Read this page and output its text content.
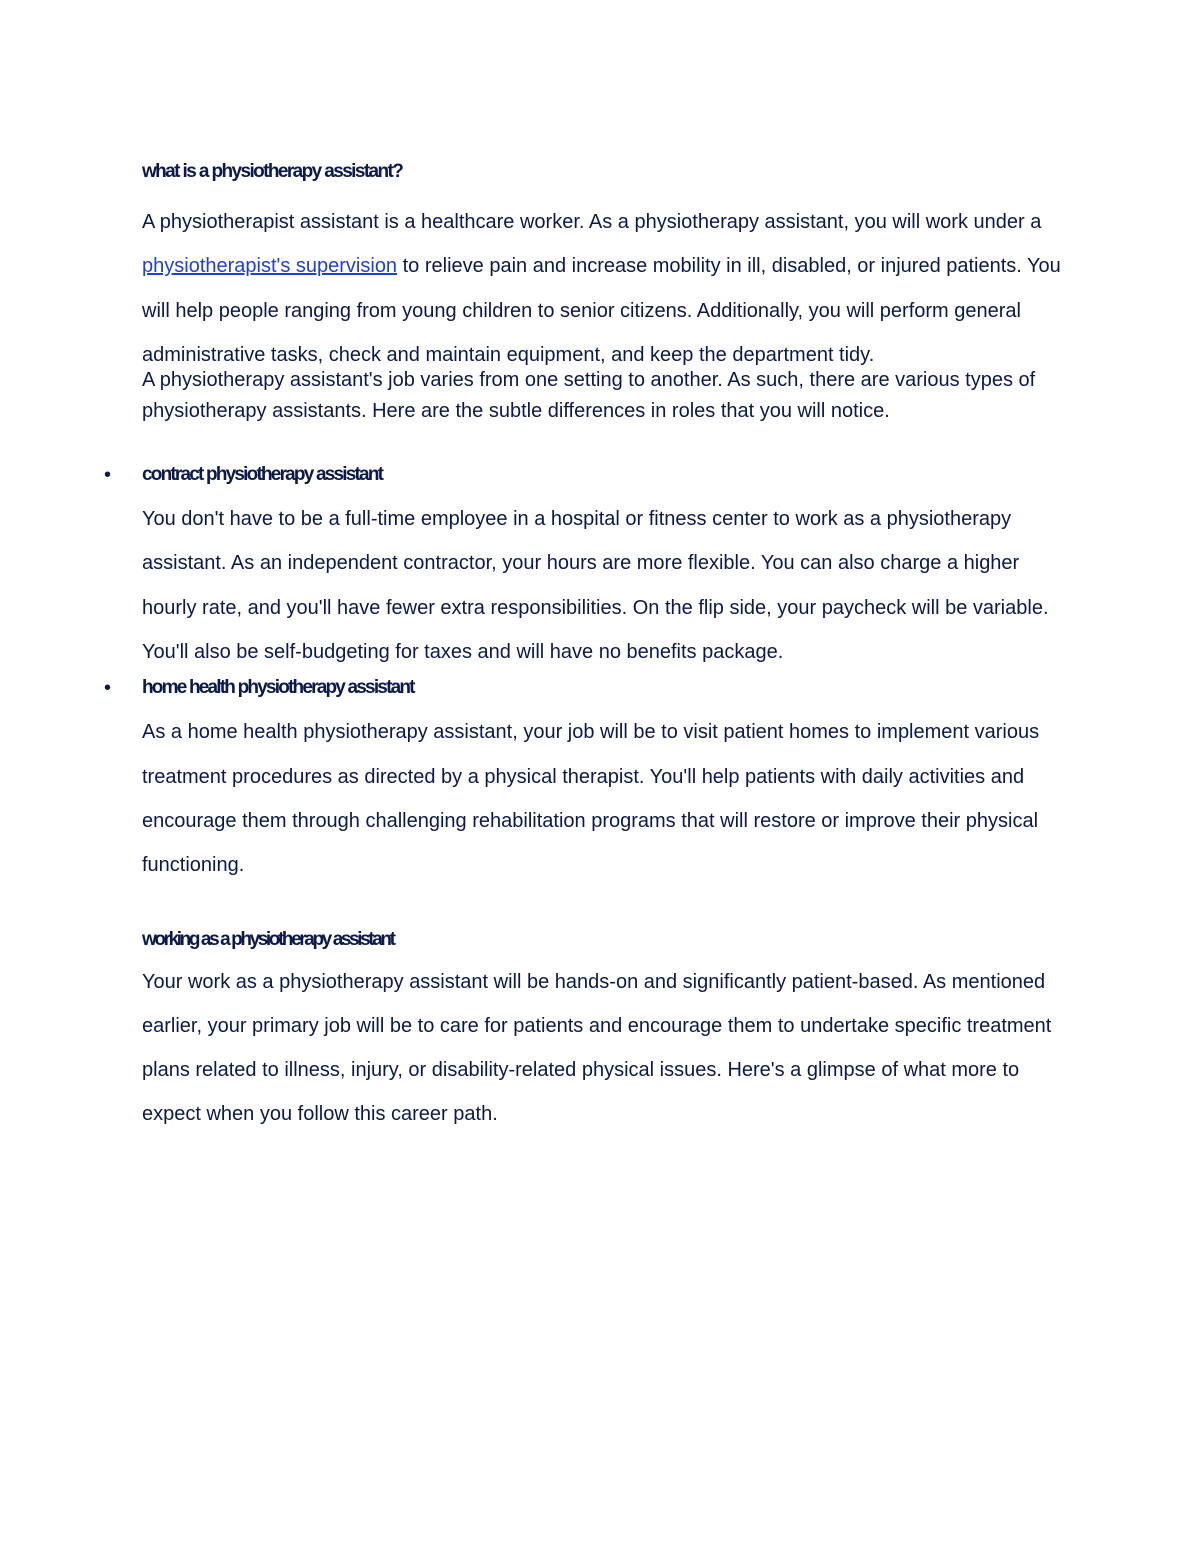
what is a physiotherapy assistant?

A physiotherapist assistant is a healthcare worker. As a physiotherapy assistant, you will work under a physiotherapist's supervision to relieve pain and increase mobility in ill, disabled, or injured patients. You will help people ranging from young children to senior citizens. Additionally, you will perform general administrative tasks, check and maintain equipment, and keep the department tidy.

A physiotherapy assistant's job varies from one setting to another. As such, there are various types of physiotherapy assistants. Here are the subtle differences in roles that you will notice.

• contract physiotherapy assistant

You don't have to be a full-time employee in a hospital or fitness center to work as a physiotherapy assistant. As an independent contractor, your hours are more flexible. You can also charge a higher hourly rate, and you'll have fewer extra responsibilities. On the flip side, your paycheck will be variable. You'll also be self-budgeting for taxes and will have no benefits package.

• home health physiotherapy assistant

As a home health physiotherapy assistant, your job will be to visit patient homes to implement various treatment procedures as directed by a physical therapist. You'll help patients with daily activities and encourage them through challenging rehabilitation programs that will restore or improve their physical functioning.

working as a physiotherapy assistant

Your work as a physiotherapy assistant will be hands-on and significantly patient-based. As mentioned earlier, your primary job will be to care for patients and encourage them to undertake specific treatment plans related to illness, injury, or disability-related physical issues. Here's a glimpse of what more to expect when you follow this career path.
